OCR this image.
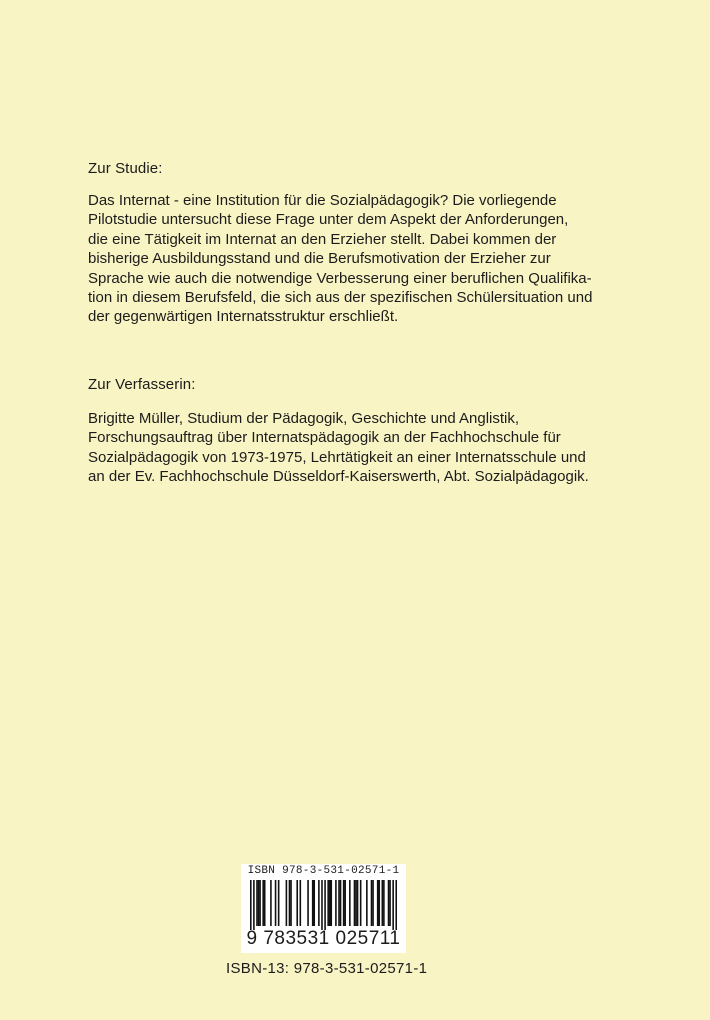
Zur Studie:
Das Internat - eine Institution für die Sozialpädagogik? Die vorliegende
Pilotstudie untersucht diese Frage unter dem Aspekt der Anforderungen,
die eine Tätigkeit im Internat an den Erzieher stellt. Dabei kommen der
bisherige Ausbildungsstand und die Berufsmotivation der Erzieher zur
Sprache wie auch die notwendige Verbesserung einer beruflichen Qualifika-
tion in diesem Berufsfeld, die sich aus der spezifischen Schülersituation und
der gegenwärtigen Internatsstruktur erschließt.
Zur Verfasserin:
Brigitte Müller, Studium der Pädagogik, Geschichte und Anglistik,
Forschungsauftrag über Internatspädagogik an der Fachhochschule für
Sozialpädagogik von 1973-1975, Lehrtätigkeit an einer Internatsschule und
an der Ev. Fachhochschule Düsseldorf-Kaiserswerth, Abt. Sozialpädagogik.
ISBN 978-3-531-02571-1
9 783531 025711
ISBN-13: 978-3-531-02571-1
